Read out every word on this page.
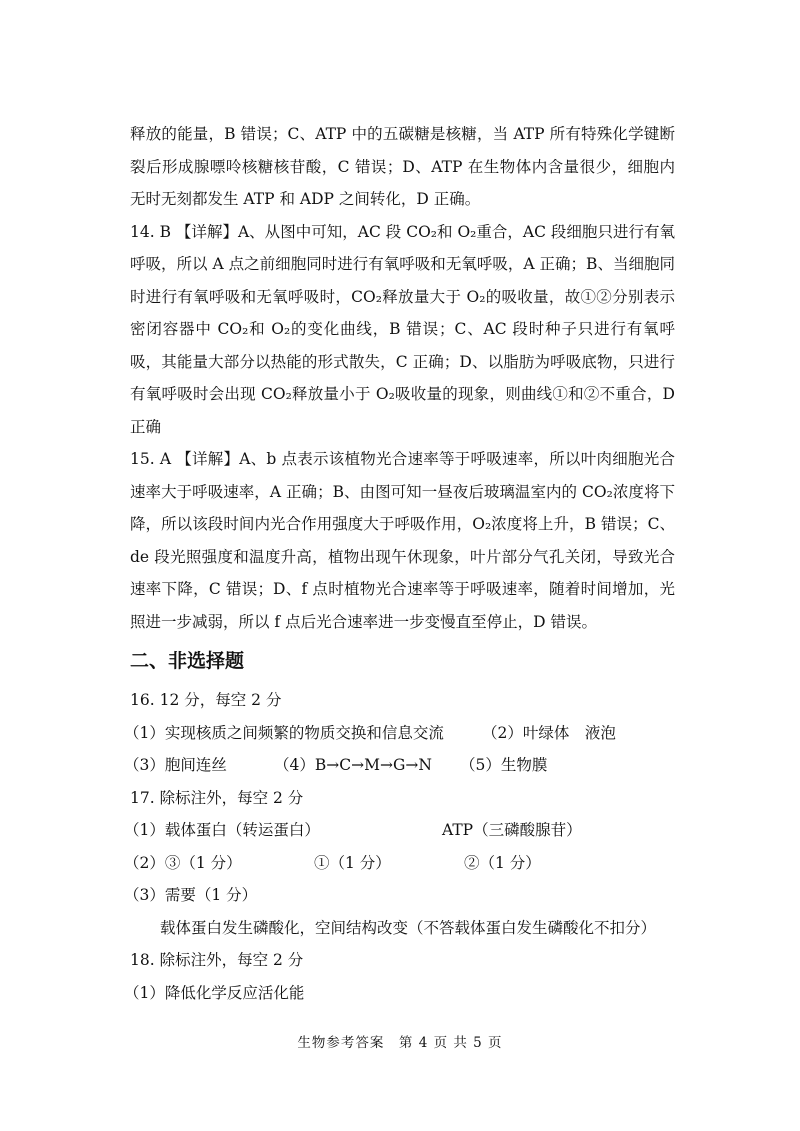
释放的能量，B 错误；C、ATP 中的五碳糖是核糖，当 ATP 所有特殊化学键断裂后形成腺嘌呤核糖核苷酸，C 错误；D、ATP 在生物体内含量很少，细胞内无时无刻都发生 ATP 和 ADP 之间转化，D 正确。

14. B 【详解】A、从图中可知，AC 段 CO₂和 O₂重合，AC 段细胞只进行有氧呼吸，所以 A 点之前细胞同时进行有氧呼吸和无氧呼吸，A 正确；B、当细胞同时进行有氧呼吸和无氧呼吸时，CO₂释放量大于 O₂的吸收量，故①②分别表示密闭容器中 CO₂和 O₂的变化曲线，B 错误；C、AC 段时种子只进行有氧呼吸，其能量大部分以热能的形式散失，C 正确；D、以脂肪为呼吸底物，只进行有氧呼吸时会出现 CO₂释放量小于 O₂吸收量的现象，则曲线①和②不重合，D 正确

15. A 【详解】A、b 点表示该植物光合速率等于呼吸速率，所以叶肉细胞光合速率大于呼吸速率，A 正确；B、由图可知一昼夜后玻璃温室内的 CO₂浓度将下降，所以该段时间内光合作用强度大于呼吸作用，O₂浓度将上升，B 错误；C、de 段光照强度和温度升高，植物出现午休现象，叶片部分气孔关闭，导致光合速率下降，C 错误；D、f 点时植物光合速率等于呼吸速率，随着时间增加，光照进一步减弱，所以 f 点后光合速率进一步变慢直至停止，D 错误。

二、非选择题

16. 12 分，每空 2 分

（1）实现核质之间频繁的物质交换和信息交流 （2）叶绿体　液泡
（3）胞间连丝	（4）B→C→M→G→N （5）生物膜

17. 除标注外，每空 2 分

（1）载体蛋白（转运蛋白）	ATP（三磷酸腺苷）
（2）③（1 分）	①（1 分）	②（1 分）

（3）需要（1 分）

载体蛋白发生磷酸化，空间结构改变（不答载体蛋白发生磷酸化不扣分）

18. 除标注外，每空 2 分

（1）降低化学反应活化能

生物参考答案　第 4 页 共 5 页
